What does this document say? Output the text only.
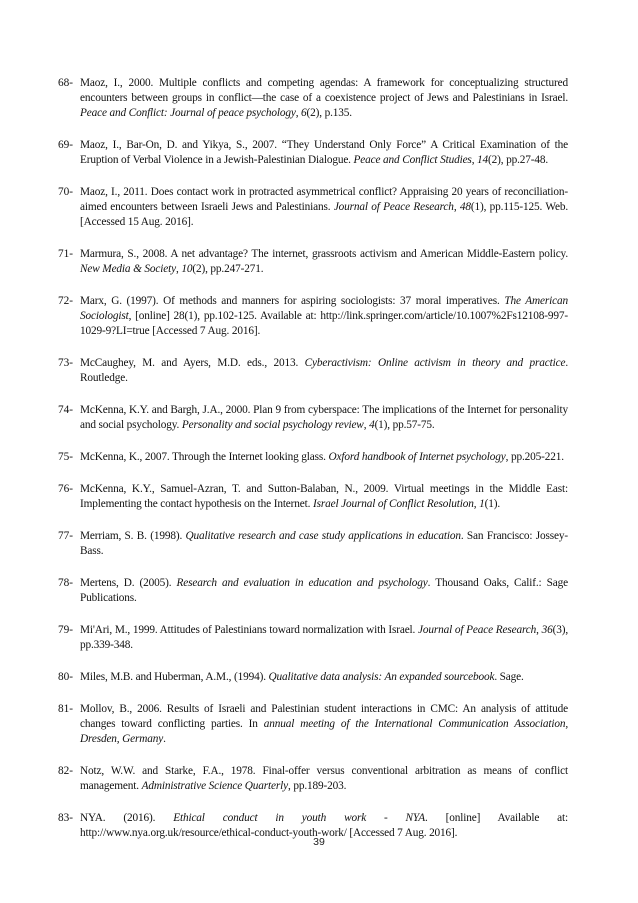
68- Maoz, I., 2000. Multiple conflicts and competing agendas: A framework for conceptualizing structured encounters between groups in conflict—the case of a coexistence project of Jews and Palestinians in Israel. Peace and Conflict: Journal of peace psychology, 6(2), p.135.
69- Maoz, I., Bar-On, D. and Yikya, S., 2007. “They Understand Only Force” A Critical Examination of the Eruption of Verbal Violence in a Jewish-Palestinian Dialogue. Peace and Conflict Studies, 14(2), pp.27-48.
70- Maoz, I., 2011. Does contact work in protracted asymmetrical conflict? Appraising 20 years of reconciliation-aimed encounters between Israeli Jews and Palestinians. Journal of Peace Research, 48(1), pp.115-125. Web. [Accessed 15 Aug. 2016].
71- Marmura, S., 2008. A net advantage? The internet, grassroots activism and American Middle-Eastern policy. New Media & Society, 10(2), pp.247-271.
72- Marx, G. (1997). Of methods and manners for aspiring sociologists: 37 moral imperatives. The American Sociologist, [online] 28(1), pp.102-125. Available at: http://link.springer.com/article/10.1007%2Fs12108-997-1029-9?LI=true [Accessed 7 Aug. 2016].
73- McCaughey, M. and Ayers, M.D. eds., 2013. Cyberactivism: Online activism in theory and practice. Routledge.
74- McKenna, K.Y. and Bargh, J.A., 2000. Plan 9 from cyberspace: The implications of the Internet for personality and social psychology. Personality and social psychology review, 4(1), pp.57-75.
75- McKenna, K., 2007. Through the Internet looking glass. Oxford handbook of Internet psychology, pp.205-221.
76- McKenna, K.Y., Samuel-Azran, T. and Sutton-Balaban, N., 2009. Virtual meetings in the Middle East: Implementing the contact hypothesis on the Internet. Israel Journal of Conflict Resolution, 1(1).
77- Merriam, S. B. (1998). Qualitative research and case study applications in education. San Francisco: Jossey-Bass.
78- Mertens, D. (2005). Research and evaluation in education and psychology. Thousand Oaks, Calif.: Sage Publications.
79- Mi'Ari, M., 1999. Attitudes of Palestinians toward normalization with Israel. Journal of Peace Research, 36(3), pp.339-348.
80- Miles, M.B. and Huberman, A.M., (1994). Qualitative data analysis: An expanded sourcebook. Sage.
81- Mollov, B., 2006. Results of Israeli and Palestinian student interactions in CMC: An analysis of attitude changes toward conflicting parties. In annual meeting of the International Communication Association, Dresden, Germany.
82- Notz, W.W. and Starke, F.A., 1978. Final-offer versus conventional arbitration as means of conflict management. Administrative Science Quarterly, pp.189-203.
83- NYA. (2016). Ethical conduct in youth work - NYA. [online] Available at: http://www.nya.org.uk/resource/ethical-conduct-youth-work/ [Accessed 7 Aug. 2016].
39
